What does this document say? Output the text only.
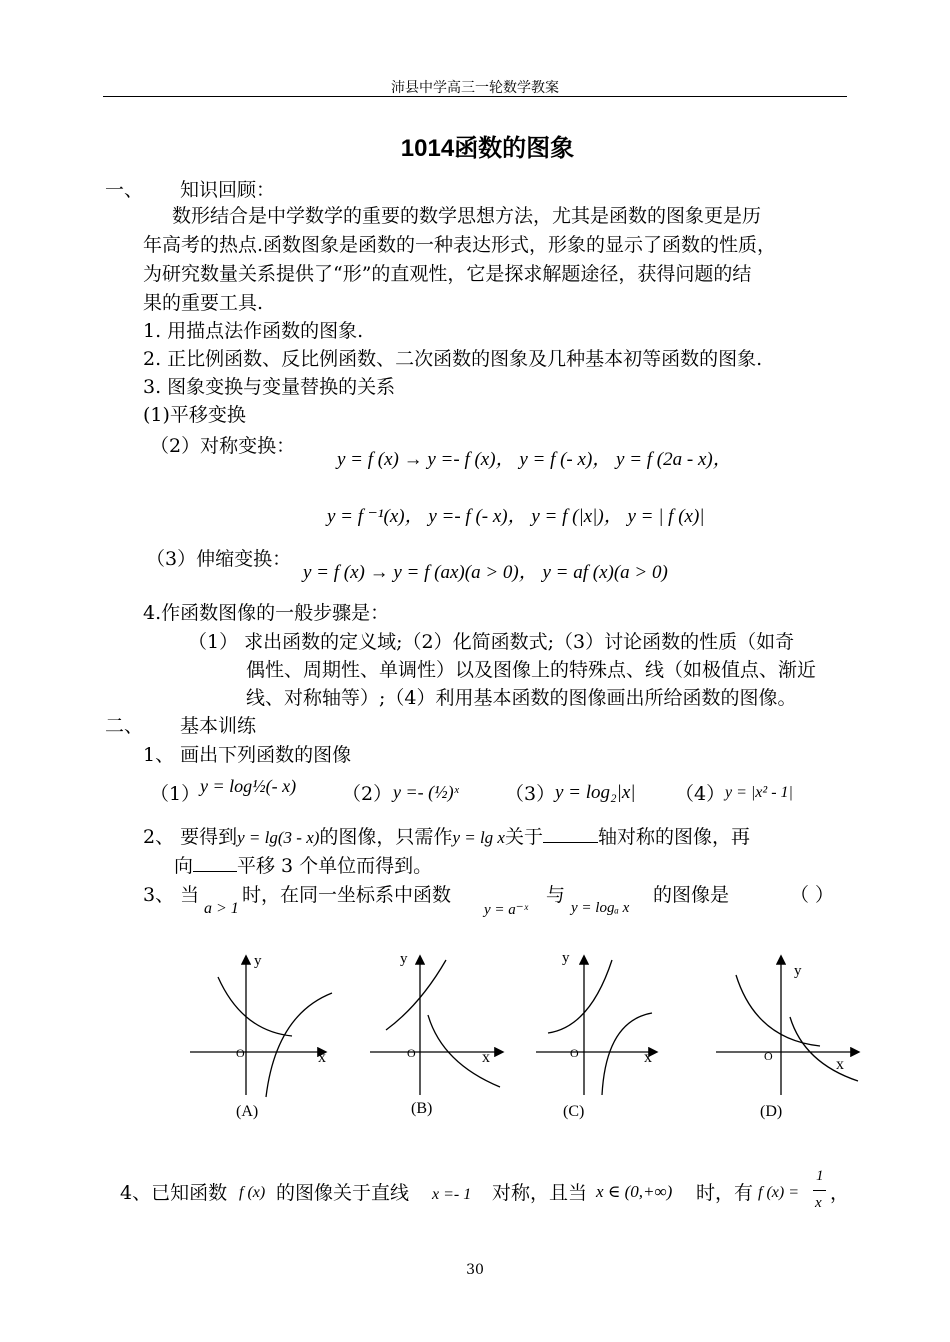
沛县中学高三一轮数学教案
1014函数的图象
一、 知识回顾：
数形结合是中学数学的重要的数学思想方法，尤其是函数的图象更是历
年高考的热点.函数图象是函数的一种表达形式，形象的显示了函数的性质，
为研究数量关系提供了“形”的直观性，它是探求解题途径，获得问题的结
果的重要工具.
1. 用描点法作函数的图象.
2. 正比例函数、反比例函数、二次函数的图象及几种基本初等函数的图象.
3. 图象变换与变量替换的关系
(1)平移变换
（2）对称变换：
y = f (x) → y =- f (x)， y = f (- x)， y = f (2a - x)，
y = f ⁻¹(x)， y =- f (- x)， y = f (|x|)， y = | f (x)|
（3）伸缩变换：
y = f (x) → y = f (ax)(a > 0)， y = af (x)(a > 0)
4.作函数图像的一般步骤是：
（1） 求出函数的定义域;（2）化简函数式;（3）讨论函数的性质（如奇
偶性、周期性、单调性）以及图像上的特殊点、线（如极值点、渐近
线、对称轴等）;（4）利用基本函数的图像画出所给函数的图像。
二、 基本训练
1、 画出下列函数的图像
（1） y = log½(- x) （2） y =- (½)ˣ （3） y = log₂|x| （4） y = |x² - 1|
2、 要得到y = lg(3 - x)的图像，只需作y = lg x关于	轴对称的图像，再
向 平移 3 个单位而得到。
3、 当
a > 1
时，在同一坐标系中函数
y = a⁻ˣ
与
y = logₐ x
的图像是	（ ）
y
x
O
(A)
y
x
O
(B)
y
x
O
(C)
y
x
O
(D)
4、已知函数 f (x) 的图像关于直线 x =- 1 对称，且当 x ∈ (0,+∞) 时，有 f (x) =
1
x ，
30
